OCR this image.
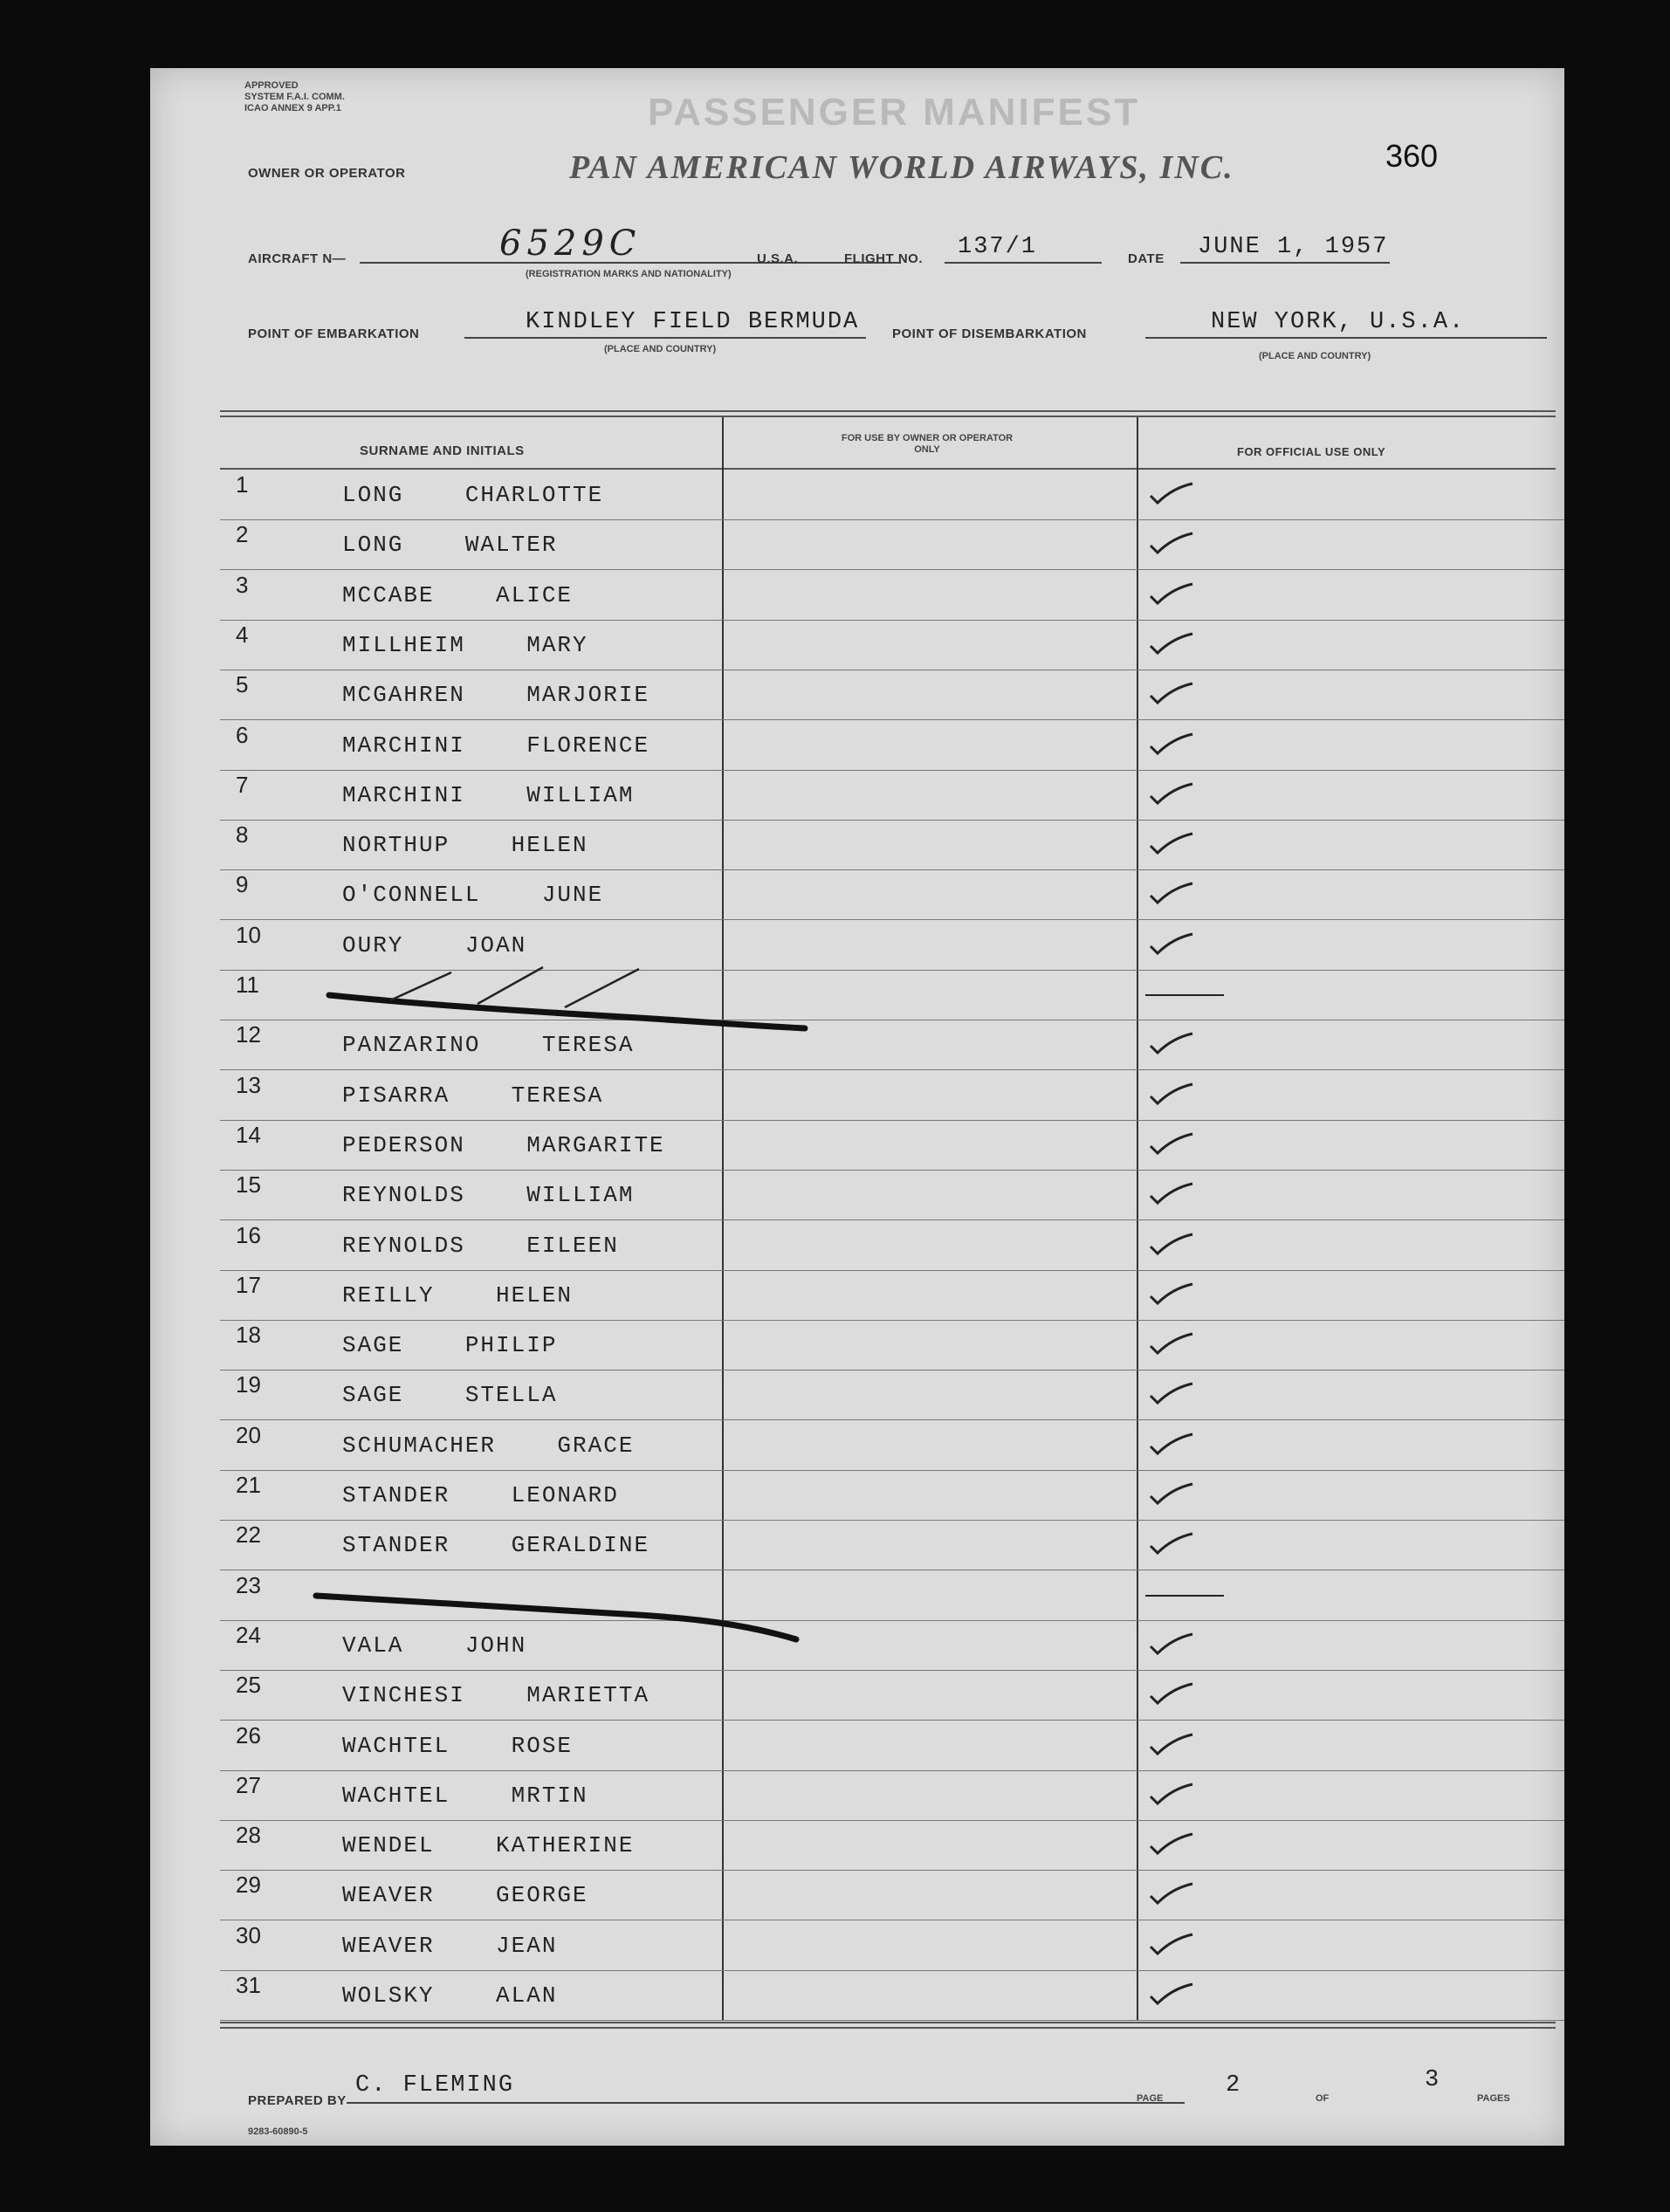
APPROVED
SYSTEM F.A.I. COMM.
ICAO ANNEX 9 APP.1	PASSENGER MANIFEST
360
OWNER OR OPERATOR	PAN AMERICAN WORLD AIRWAYS, INC.
AIRCRAFT N—	6529C
(REGISTRATION MARKS AND NATIONALITY)
U.S.A.	FLIGHT NO. 137/1	DATE JUNE 1, 1957
POINT OF EMBARKATION	KINDLEY FIELD BERMUDA
(PLACE AND COUNTRY)
POINT OF DISEMBARKATION	NEW YORK, U.S.A.
(PLACE AND COUNTRY)
SURNAME AND INITIALS
FOR USE BY OWNER OR OPERATOR ONLY	FOR OFFICIAL USE ONLY
1	LONG    CHARLOTTE
2	LONG    WALTER
3	MCCABE    ALICE
4	MILLHEIM    MARY
5	MCGAHREN    MARJORIE
6	MARCHINI    FLORENCE
7	MARCHINI    WILLIAM
8	NORTHUP    HELEN
9	O'CONNELL    JUNE
10	OURY    JOAN
11
12	PANZARINO    TERESA
13	PISARRA    TERESA
14	PEDERSON    MARGARITE
15	REYNOLDS    WILLIAM
16	REYNOLDS    EILEEN
17	REILLY    HELEN
18	SAGE    PHILIP
19	SAGE    STELLA
20	SCHUMACHER    GRACE
21	STANDER    LEONARD
22	STANDER    GERALDINE
23
24	VALA    JOHN
25	VINCHESI    MARIETTA
26	WACHTEL    ROSE
27	WACHTEL    MRTIN
28	WENDEL    KATHERINE
29	WEAVER    GEORGE
30	WEAVER    JEAN
31	WOLSKY    ALAN
PREPARED BY
C. FLEMING
9283-60890-5
PAGE	2	OF
3
PAGES
